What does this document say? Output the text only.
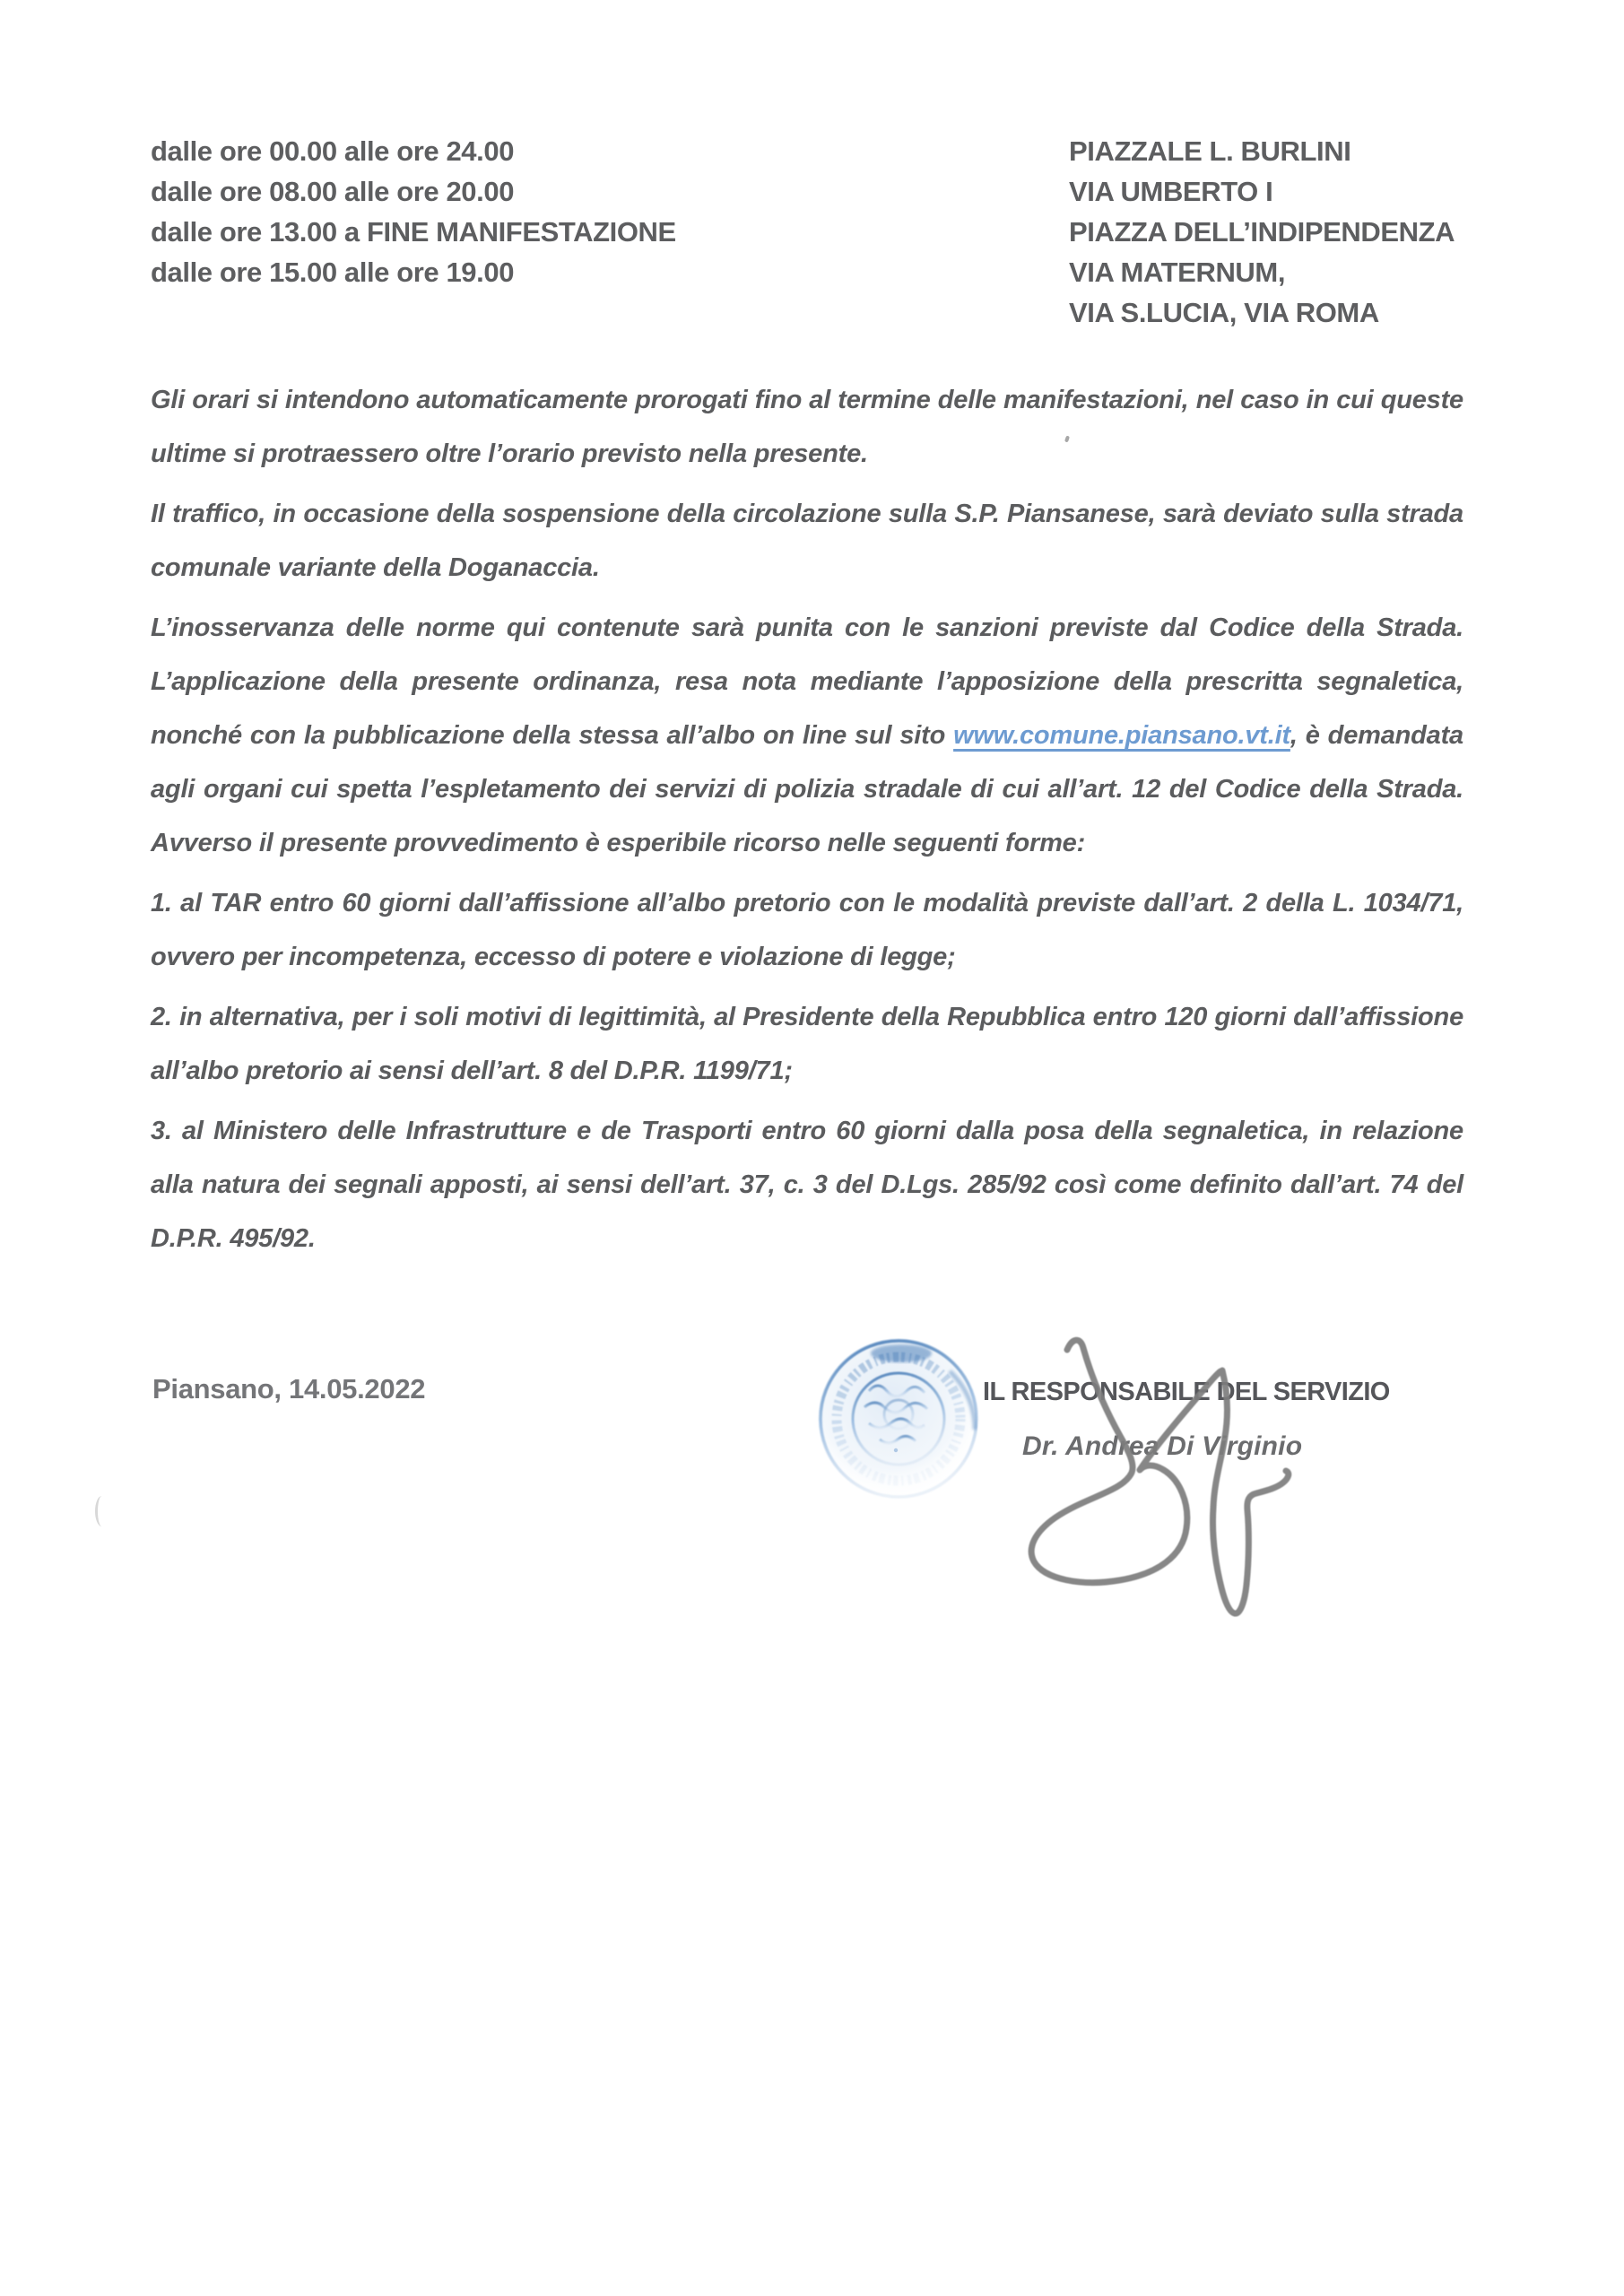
dalle ore 00.00 alle ore 24.00
dalle ore 08.00 alle ore 20.00
dalle ore 13.00 a FINE MANIFESTAZIONE
dalle ore 15.00 alle ore 19.00
PIAZZALE L. BURLINI
VIA UMBERTO I
PIAZZA DELL’INDIPENDENZA
VIA MATERNUM,
VIA S.LUCIA, VIA ROMA

Gli orari si intendono automaticamente prorogati fino al termine delle manifestazioni, nel caso in cui queste ultime si protraessero oltre l’orario previsto nella presente.

Il traffico, in occasione della sospensione della circolazione sulla S.P. Piansanese, sarà deviato sulla strada comunale variante della Doganaccia.

L’inosservanza delle norme qui contenute sarà punita con le sanzioni previste dal Codice della Strada. L’applicazione della presente ordinanza, resa nota mediante l’apposizione della prescritta segnaletica, nonché con la pubblicazione della stessa all’albo on line sul sito www.comune.piansano.vt.it, è demandata agli organi cui spetta l’espletamento dei servizi di polizia stradale di cui all’art. 12 del Codice della Strada. Avverso il presente provvedimento è esperibile ricorso nelle seguenti forme:

1. al TAR entro 60 giorni dall’affissione all’albo pretorio con le modalità previste dall’art. 2 della L. 1034/71, ovvero per incompetenza, eccesso di potere e violazione di legge;

2. in alternativa, per i soli motivi di legittimità, al Presidente della Repubblica entro 120 giorni dall’affissione all’albo pretorio ai sensi dell’art. 8 del D.P.R. 1199/71;

3. al Ministero delle Infrastrutture e de Trasporti entro 60 giorni dalla posa della segnaletica, in relazione alla natura dei segnali apposti, ai sensi dell’art. 37, c. 3 del D.Lgs. 285/92 così come definito dall’art. 74 del D.P.R. 495/92.

Piansano, 14.05.2022	IL RESPONSABILE DEL SERVIZIO
Dr. Andrea Di Virginio
